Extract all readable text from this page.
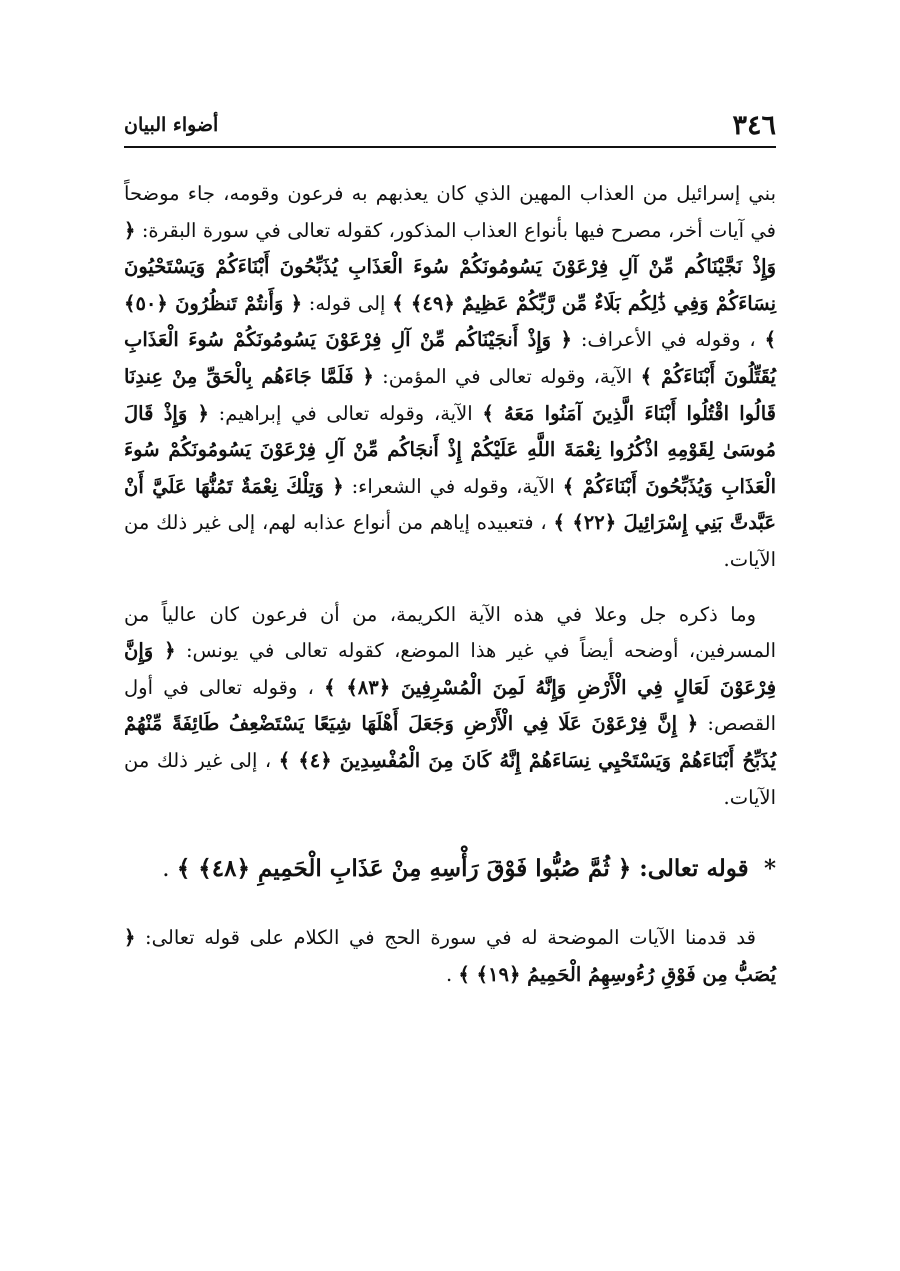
٣٤٦
أضواء البيان

بني إسرائيل من العذاب المهين الذي كان يعذبهم به فرعون وقومه، جاء موضحاً في آيات أخر، مصرح فيها بأنواع العذاب المذكور، كقوله تعالى في سورة البقرة: ﴿ وَإِذْ نَجَّيْنَاكُم مِّنْ آلِ فِرْعَوْنَ يَسُومُونَكُمْ سُوءَ الْعَذَابِ يُذَبِّحُونَ أَبْنَاءَكُمْ وَيَسْتَحْيُونَ نِسَاءَكُمْ وَفِي ذَٰلِكُم بَلَاءٌ مِّن رَّبِّكُمْ عَظِيمٌ ﴿٤٩﴾ ﴾ إلى قوله: ﴿ وَأَنتُمْ تَنظُرُونَ ﴿٥٠﴾ ﴾ ، وقوله في الأعراف: ﴿ وَإِذْ أَنجَيْنَاكُم مِّنْ آلِ فِرْعَوْنَ يَسُومُونَكُمْ سُوءَ الْعَذَابِ يُقَتِّلُونَ أَبْنَاءَكُمْ ﴾ الآية، وقوله تعالى في المؤمن: ﴿ فَلَمَّا جَاءَهُم بِالْحَقِّ مِنْ عِندِنَا قَالُوا اقْتُلُوا أَبْنَاءَ الَّذِينَ آمَنُوا مَعَهُ ﴾ الآية، وقوله تعالى في إبراهيم: ﴿ وَإِذْ قَالَ مُوسَىٰ لِقَوْمِهِ اذْكُرُوا نِعْمَةَ اللَّهِ عَلَيْكُمْ إِذْ أَنجَاكُم مِّنْ آلِ فِرْعَوْنَ يَسُومُونَكُمْ سُوءَ الْعَذَابِ وَيُذَبِّحُونَ أَبْنَاءَكُمْ ﴾ الآية، وقوله في الشعراء: ﴿ وَتِلْكَ نِعْمَةٌ تَمُنُّهَا عَلَيَّ أَنْ عَبَّدتَّ بَنِي إِسْرَائِيلَ ﴿٢٢﴾ ﴾ ، فتعبيده إياهم من أنواع عذابه لهم، إلى غير ذلك من الآيات.

وما ذكره جل وعلا في هذه الآية الكريمة، من أن فرعون كان عالياً من المسرفين، أوضحه أيضاً في غير هذا الموضع، كقوله تعالى في يونس: ﴿ وَإِنَّ فِرْعَوْنَ لَعَالٍ فِي الْأَرْضِ وَإِنَّهُ لَمِنَ الْمُسْرِفِينَ ﴿٨٣﴾ ﴾ ، وقوله تعالى في أول القصص: ﴿ إِنَّ فِرْعَوْنَ عَلَا فِي الْأَرْضِ وَجَعَلَ أَهْلَهَا شِيَعًا يَسْتَضْعِفُ طَائِفَةً مِّنْهُمْ يُذَبِّحُ أَبْنَاءَهُمْ وَيَسْتَحْيِي نِسَاءَهُمْ إِنَّهُ كَانَ مِنَ الْمُفْسِدِينَ ﴿٤﴾ ﴾ ، إلى غير ذلك من الآيات.

* قوله تعالى: ﴿ ثُمَّ صُبُّوا فَوْقَ رَأْسِهِ مِنْ عَذَابِ الْحَمِيمِ ﴿٤٨﴾ ﴾ .

قد قدمنا الآيات الموضحة له في سورة الحج في الكلام على قوله تعالى: ﴿ يُصَبُّ مِن فَوْقِ رُءُوسِهِمُ الْحَمِيمُ ﴿١٩﴾ ﴾ .
